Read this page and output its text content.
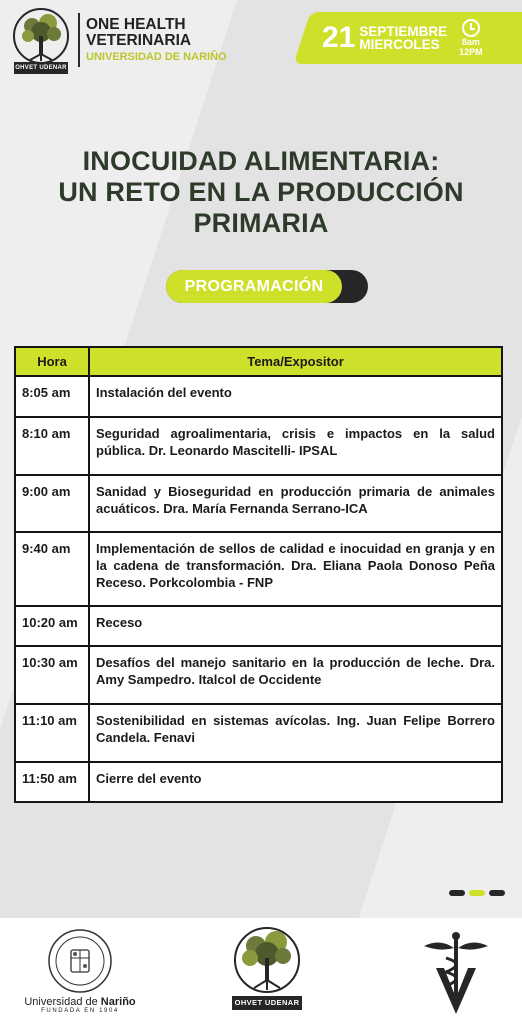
OHVET UDENAR
ONE HEALTH
VETERINARIA
UNIVERSIDAD DE NARIÑO
21 SEPTIEMBRE
MIERCOLES	8am
12PM
INOCUIDAD ALIMENTARIA:
UN RETO EN LA PRODUCCIÓN
PRIMARIA
PROGRAMACIÓN
Hora	Tema/Expositor
8:05 am	Instalación del evento
8:10 am	Seguridad agroalimentaria, crisis e impactos en la salud pública. Dr. Leonardo Mascitelli- IPSAL
9:00 am	Sanidad y Bioseguridad en producción primaria de animales acuáticos. Dra. María Fernanda Serrano-ICA
9:40 am	Implementación de sellos de calidad e inocuidad en granja y en la cadena de transformación. Dra. Eliana Paola Donoso Peña Receso. Porkcolombia - FNP
10:20 am	Receso
10:30 am	Desafíos del manejo sanitario en la producción de leche. Dra. Amy Sampedro. Italcol de Occidente
11:10 am	Sostenibilidad en sistemas avícolas. Ing. Juan Felipe Borrero Candela. Fenavi
11:50 am	Cierre del evento
Universidad de Nariño
FUNDADA EN 1904
OHVET UDENAR
